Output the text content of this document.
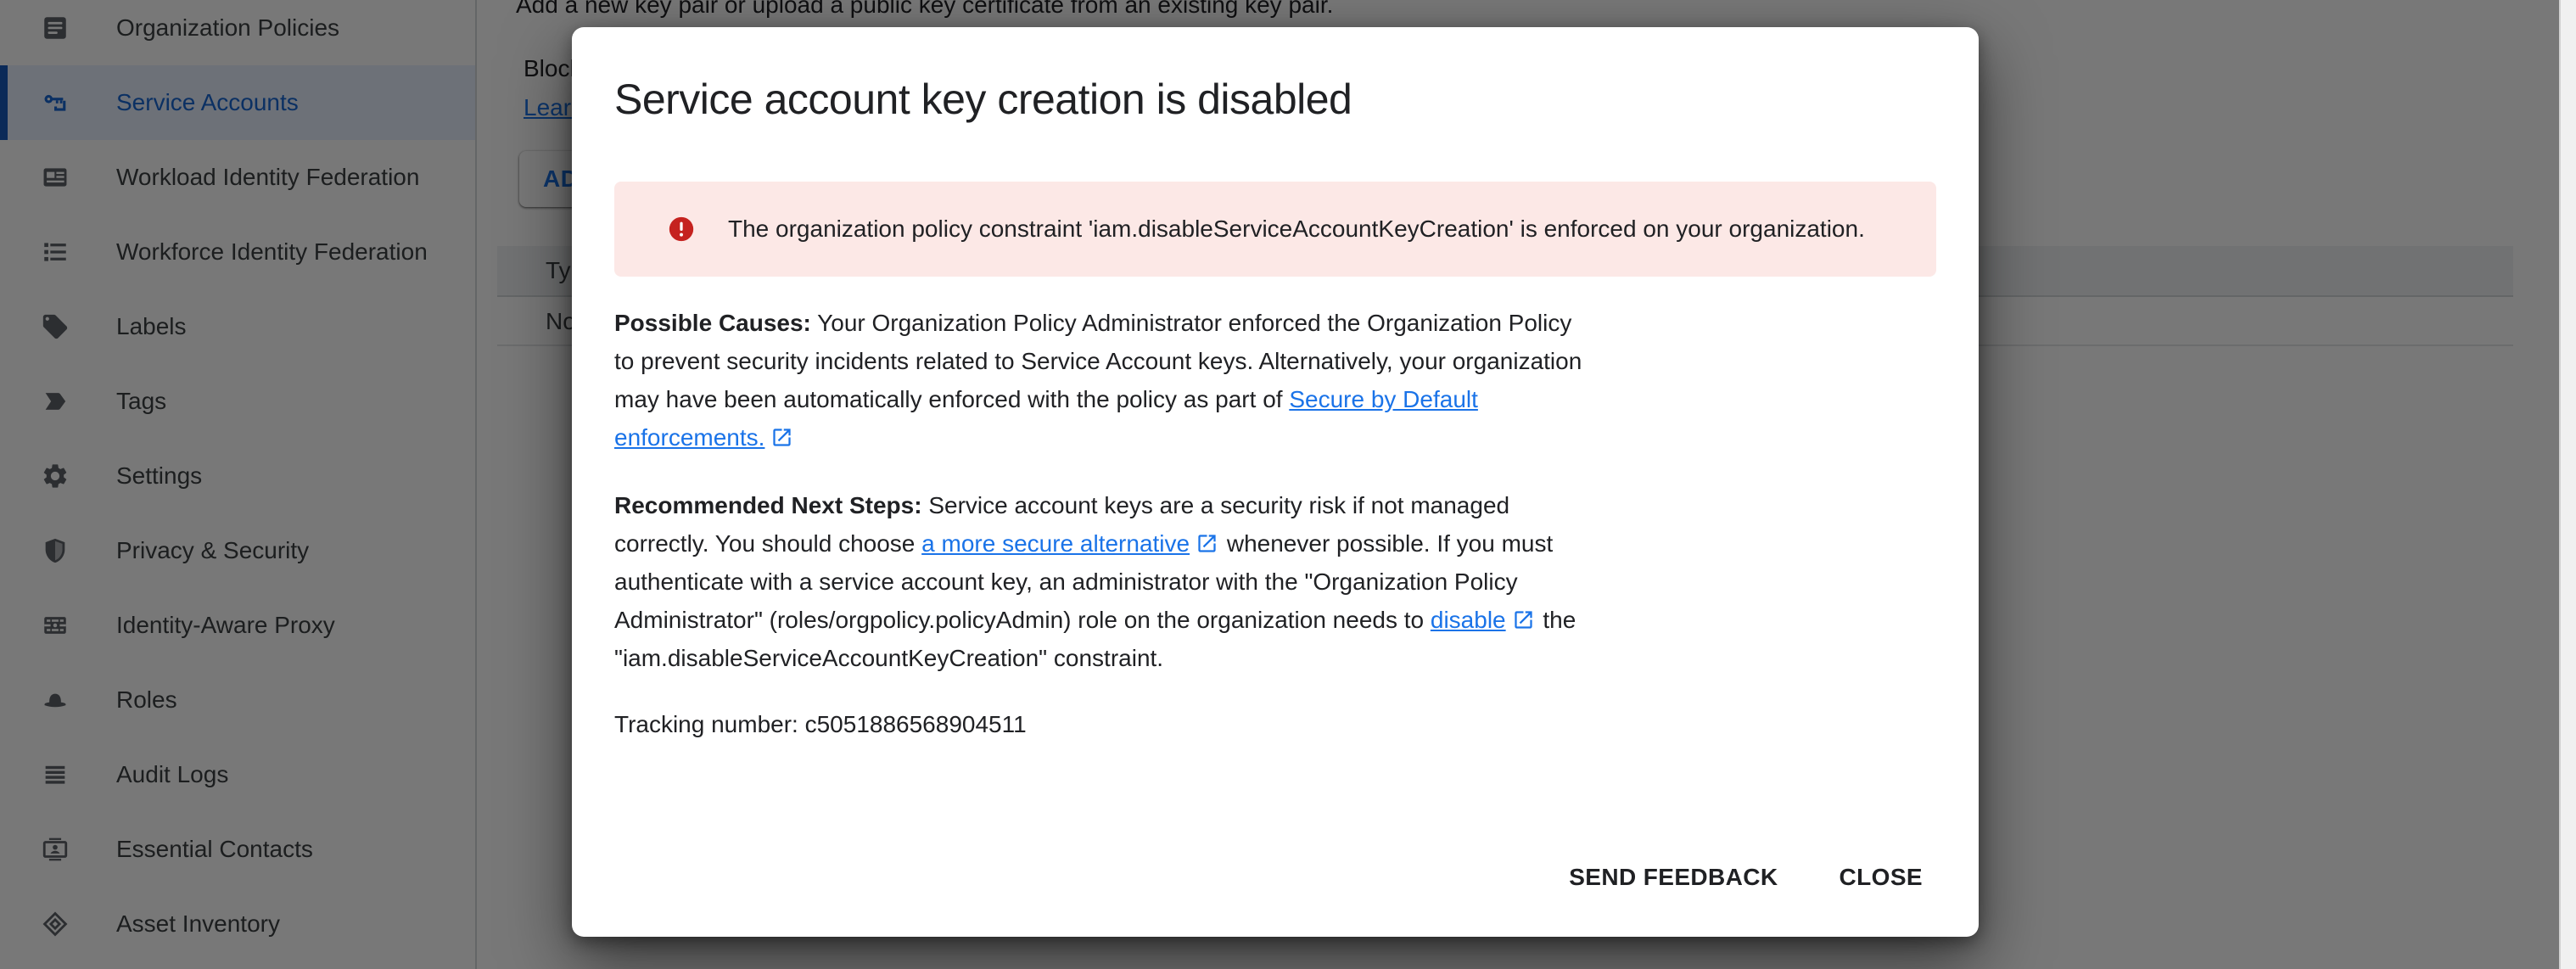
Service account key creation is disabled
The organization policy constraint 'iam.disableServiceAccountKeyCreation' is enforced on your organization.
Possible Causes: Your Organization Policy Administrator enforced the Organization Policy to prevent security incidents related to Service Account keys. Alternatively, your organization may have been automatically enforced with the policy as part of Secure by Default enforcements.
Recommended Next Steps: Service account keys are a security risk if not managed correctly. You should choose a more secure alternative
whenever possible. If you must authenticate with a service account key, an administrator with the "Organization Policy Administrator" (roles/orgpolicy.policyAdmin) role on the organization needs to disable
the "iam.disableServiceAccountKeyCreation" constraint.
Tracking number: c5051886568904511
SEND FEEDBACK	CLOSE
